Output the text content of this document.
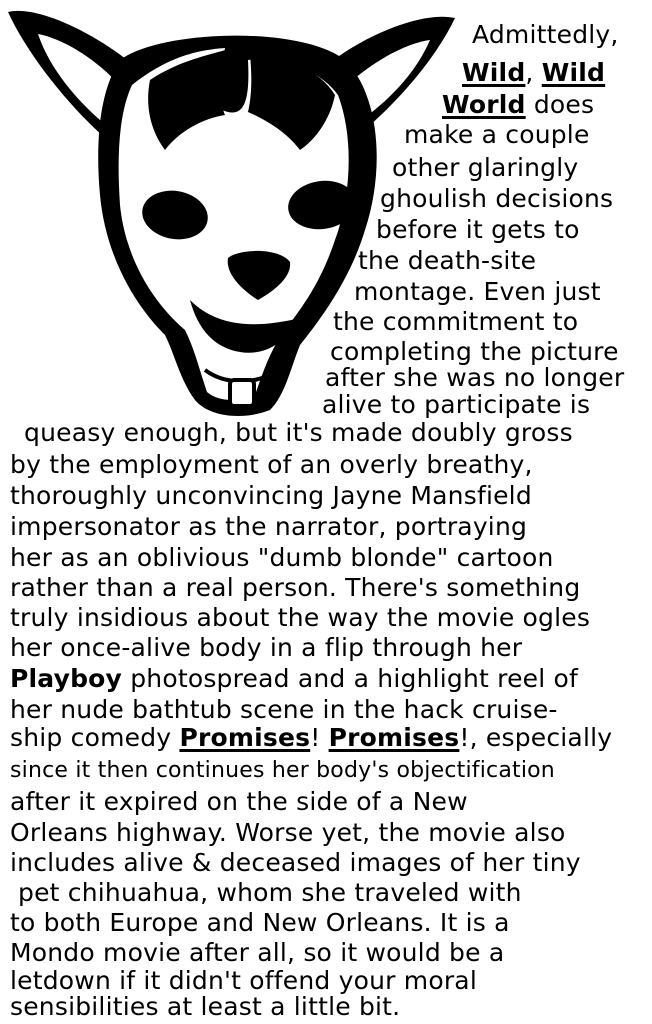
Admittedly,
Wild, Wild
World does
make a couple
other glaringly
ghoulish decisions
before it gets to
the death-site
montage. Even just
the commitment to
completing the picture
after she was no longer
alive to participate is
queasy enough, but it's made doubly gross
by the employment of an overly breathy,
thoroughly unconvincing Jayne Mansfield
impersonator as the narrator, portraying
her as an oblivious "dumb blonde" cartoon
rather than a real person. There's something
truly insidious about the way the movie ogles
her once-alive body in a flip through her
Playboy photospread and a highlight reel of
her nude bathtub scene in the hack cruise-
ship comedy Promises! Promises!, especially
since it then continues her body's objectification
after it expired on the side of a New
Orleans highway. Worse yet, the movie also
includes alive & deceased images of her tiny
pet chihuahua, whom she traveled with
to both Europe and New Orleans. It is a
Mondo movie after all, so it would be a
letdown if it didn't offend your moral
sensibilities at least a little bit.
